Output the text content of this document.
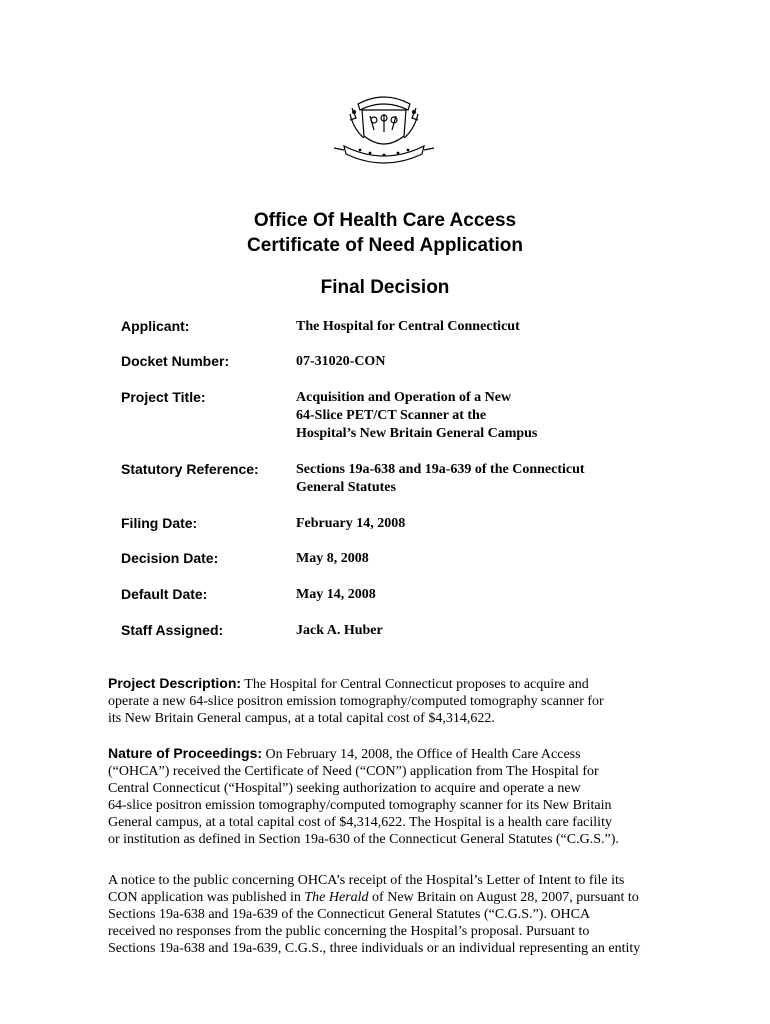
Office Of Health Care Access
Certificate of Need Application
Final Decision
Applicant:	The Hospital for Central Connecticut
Docket Number:	07-31020-CON
Project Title:	Acquisition and Operation of a New
64-Slice PET/CT Scanner at the
Hospital’s New Britain General Campus
Statutory Reference:	Sections 19a-638 and 19a-639 of the Connecticut
General Statutes
Filing Date:	February 14, 2008
Decision Date:	May 8, 2008
Default Date:	May 14, 2008
Staff Assigned:	Jack A. Huber
Project Description: The Hospital for Central Connecticut proposes to acquire and
operate a new 64-slice positron emission tomography/computed tomography scanner for
its New Britain General campus, at a total capital cost of $4,314,622.
Nature of Proceedings: On February 14, 2008, the Office of Health Care Access
(“OHCA”) received the Certificate of Need (“CON”) application from The Hospital for
Central Connecticut (“Hospital”) seeking authorization to acquire and operate a new
64-slice positron emission tomography/computed tomography scanner for its New Britain
General campus, at a total capital cost of $4,314,622. The Hospital is a health care facility
or institution as defined in Section 19a-630 of the Connecticut General Statutes (“C.G.S.”).
A notice to the public concerning OHCA’s receipt of the Hospital’s Letter of Intent to file its
CON application was published in The Herald of New Britain on August 28, 2007, pursuant to
Sections 19a-638 and 19a-639 of the Connecticut General Statutes (“C.G.S.”). OHCA
received no responses from the public concerning the Hospital’s proposal. Pursuant to
Sections 19a-638 and 19a-639, C.G.S., three individuals or an individual representing an entity
